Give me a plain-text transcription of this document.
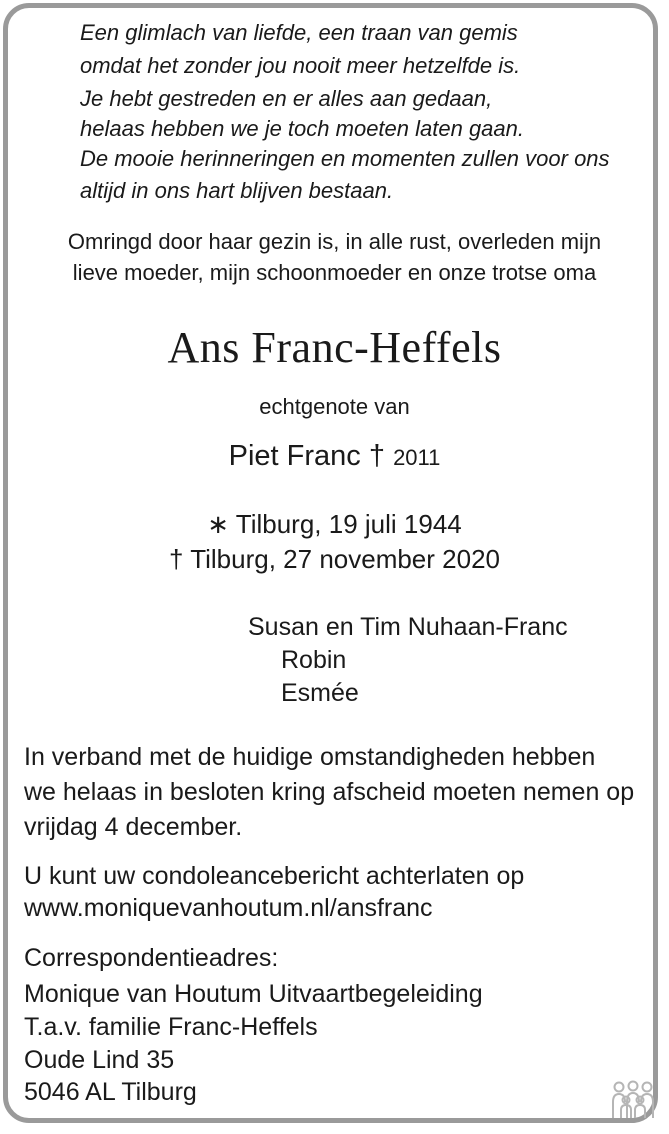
Een glimlach van liefde, een traan van gemis
omdat het zonder jou nooit meer hetzelfde is.
Je hebt gestreden en er alles aan gedaan,
helaas hebben we je toch moeten laten gaan.
De mooie herinneringen en momenten zullen voor ons
altijd in ons hart blijven bestaan.
Omringd door haar gezin is, in alle rust, overleden mijn
lieve moeder, mijn schoonmoeder en onze trotse oma
Ans Franc-Heffels
echtgenote van
Piet Franc † 2011
∗ Tilburg, 19 juli 1944
† Tilburg, 27 november 2020
Susan en Tim Nuhaan-Franc
Robin
Esmée
In verband met de huidige omstandigheden hebben
we helaas in besloten kring afscheid moeten nemen op
vrijdag 4 december.
U kunt uw condoleancebericht achterlaten op
www.moniquevanhoutum.nl/ansfranc
Correspondentieadres:
Monique van Houtum Uitvaartbegeleiding
T.a.v. familie Franc-Heffels
Oude Lind 35
5046 AL Tilburg
